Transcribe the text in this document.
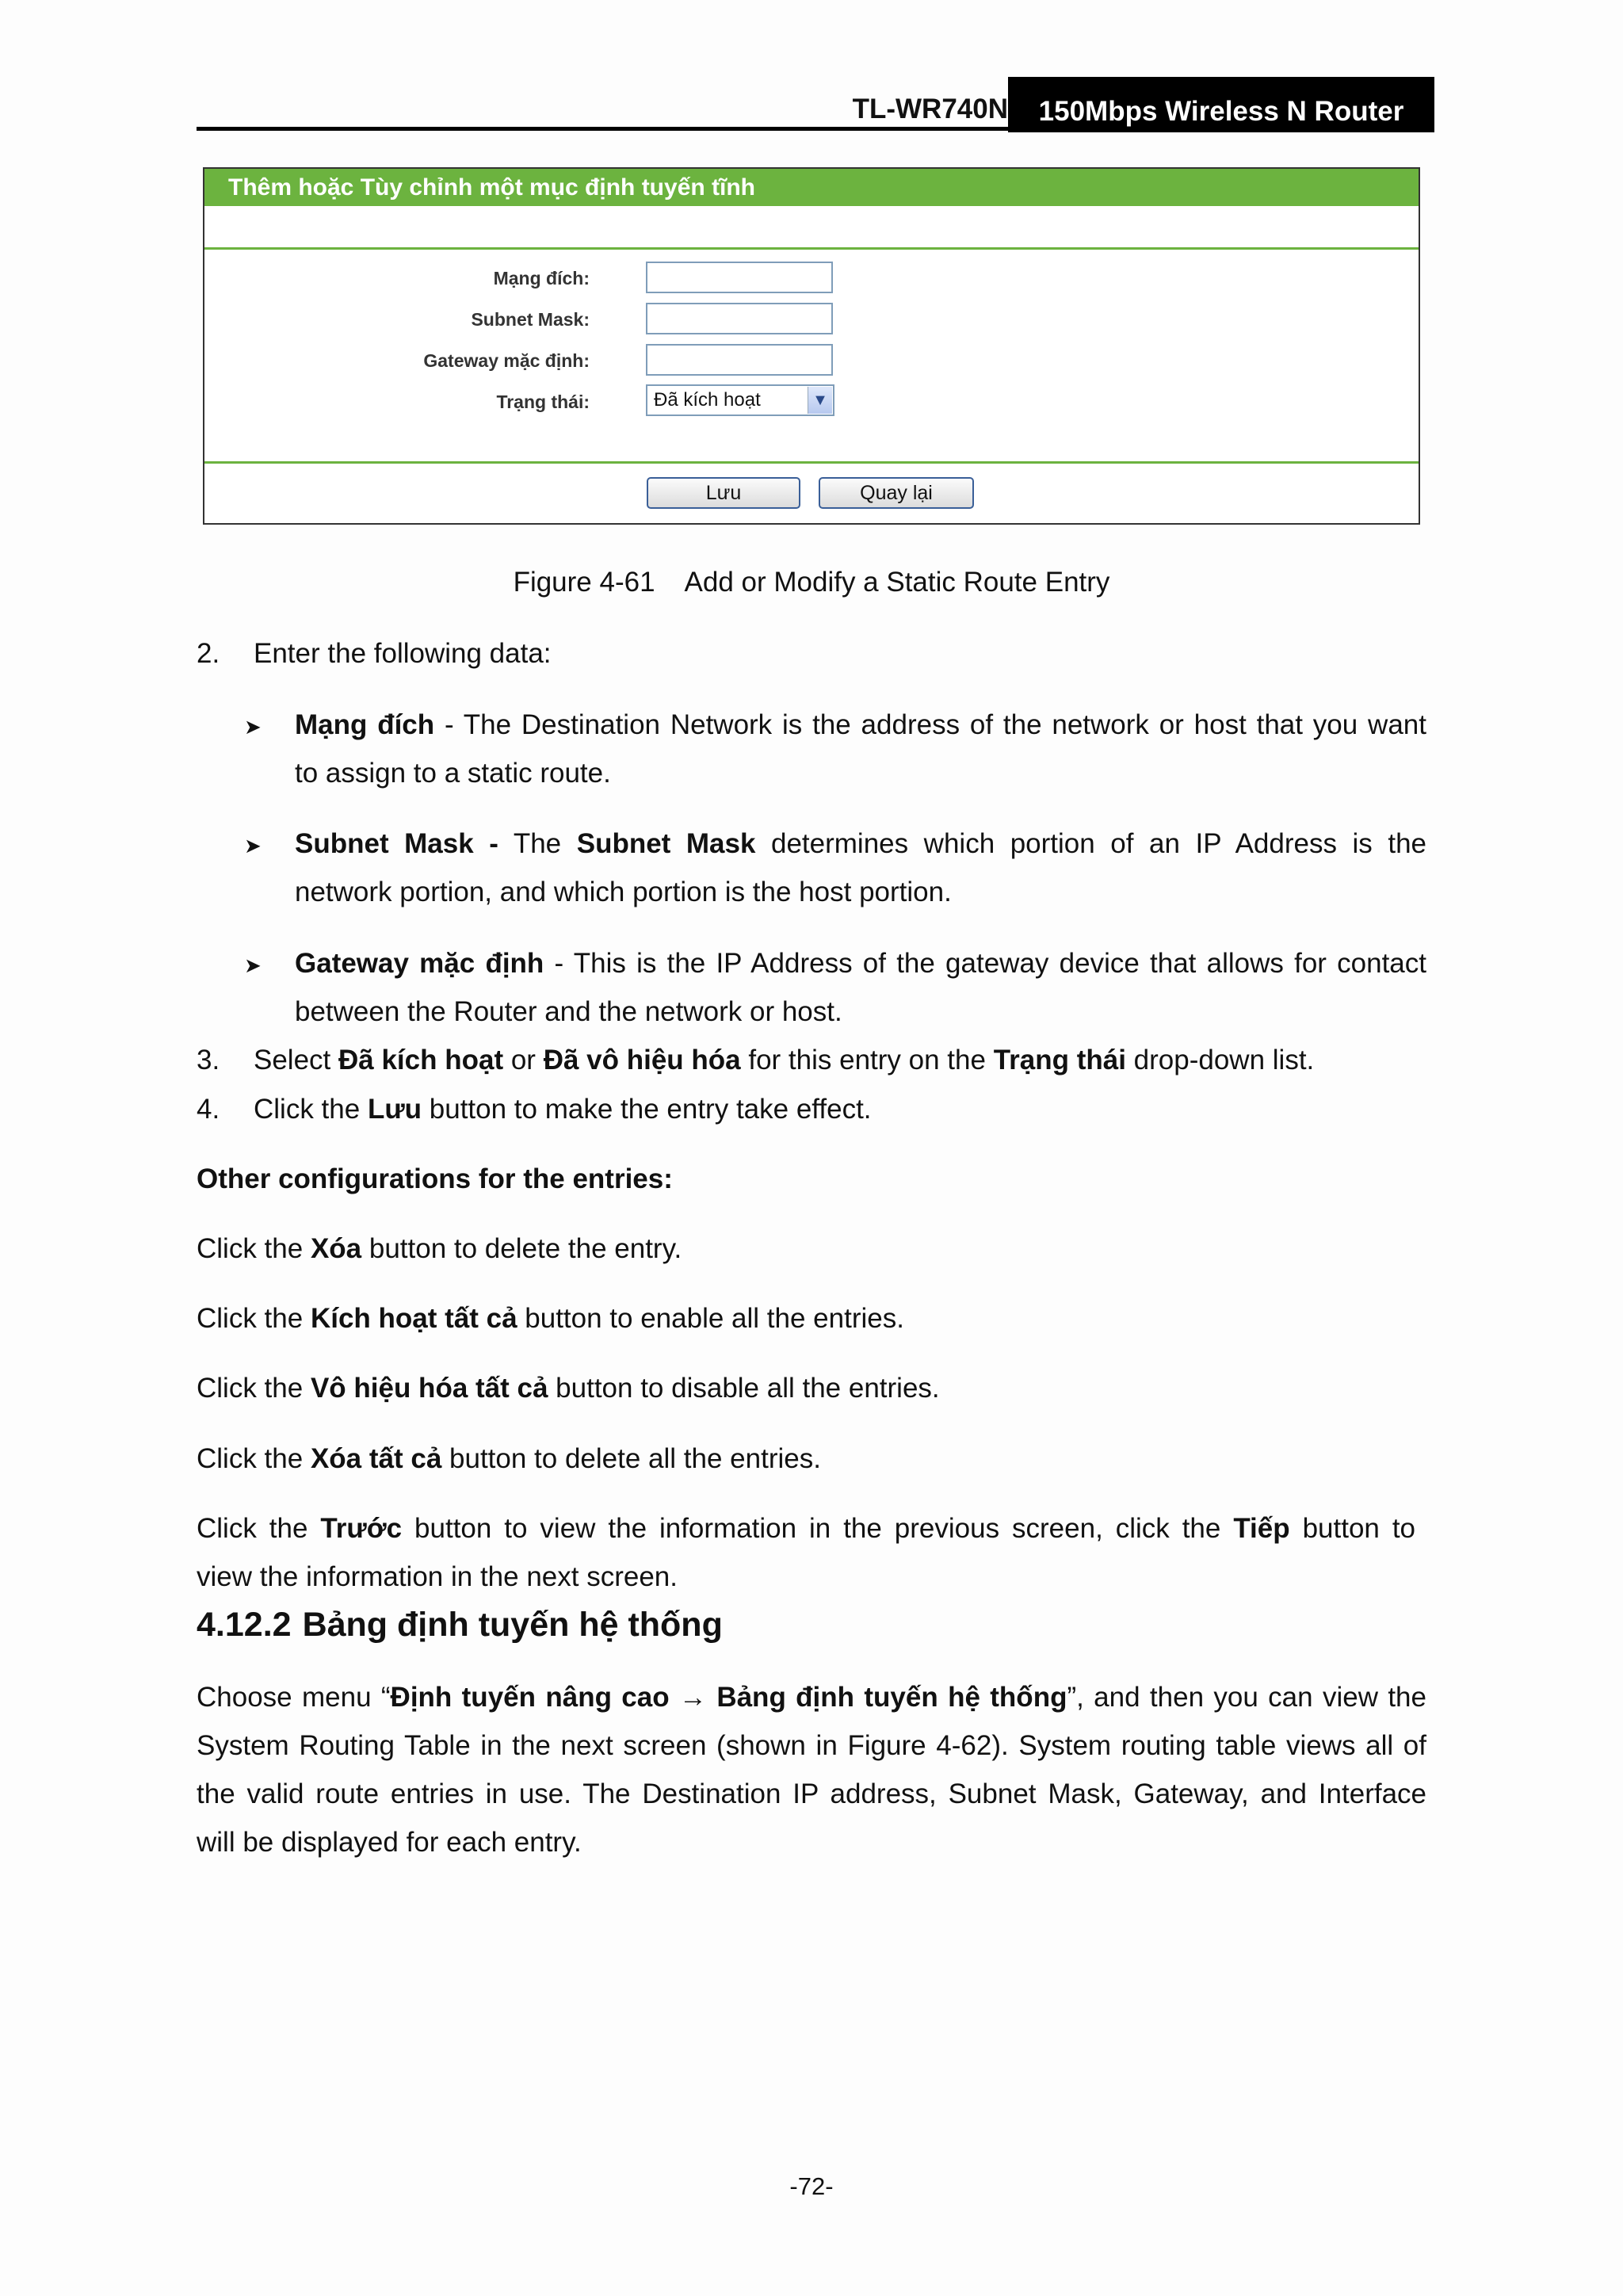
TL-WR740N 150Mbps Wireless N Router
Thêm hoặc Tùy chỉnh một mục định tuyến tĩnh
Mạng đích:
Subnet Mask:
Gateway mặc định:
Trạng thái:	Đã kích hoạt	▼
Lưu	Quay lại
Figure 4-61    Add or Modify a Static Route Entry
2. Enter the following data:
➤ Mạng đích - The Destination Network is the address of the network or host that you want
to assign to a static route.
➤ Subnet Mask - The Subnet Mask determines which portion of an IP Address is the
network portion, and which portion is the host portion.
➤ Gateway mặc định - This is the IP Address of the gateway device that allows for contact
between the Router and the network or host.
3. Select Đã kích hoạt or Đã vô hiệu hóa for this entry on the Trạng thái drop-down list.
4. Click the Lưu button to make the entry take effect.
Other configurations for the entries:
Click the Xóa button to delete the entry.
Click the Kích hoạt tất cả button to enable all the entries.
Click the Vô hiệu hóa tất cả button to disable all the entries.
Click the Xóa tất cả button to delete all the entries.
Click the Trước button to view the information in the previous screen, click the Tiếp button to
view the information in the next screen.
4.12.2 Bảng định tuyến hệ thống
Choose menu “Định tuyến nâng cao → Bảng định tuyến hệ thống”, and then you can view the
System Routing Table in the next screen (shown in Figure 4-62). System routing table views all of
the valid route entries in use. The Destination IP address, Subnet Mask, Gateway, and Interface
will be displayed for each entry.
-72-
